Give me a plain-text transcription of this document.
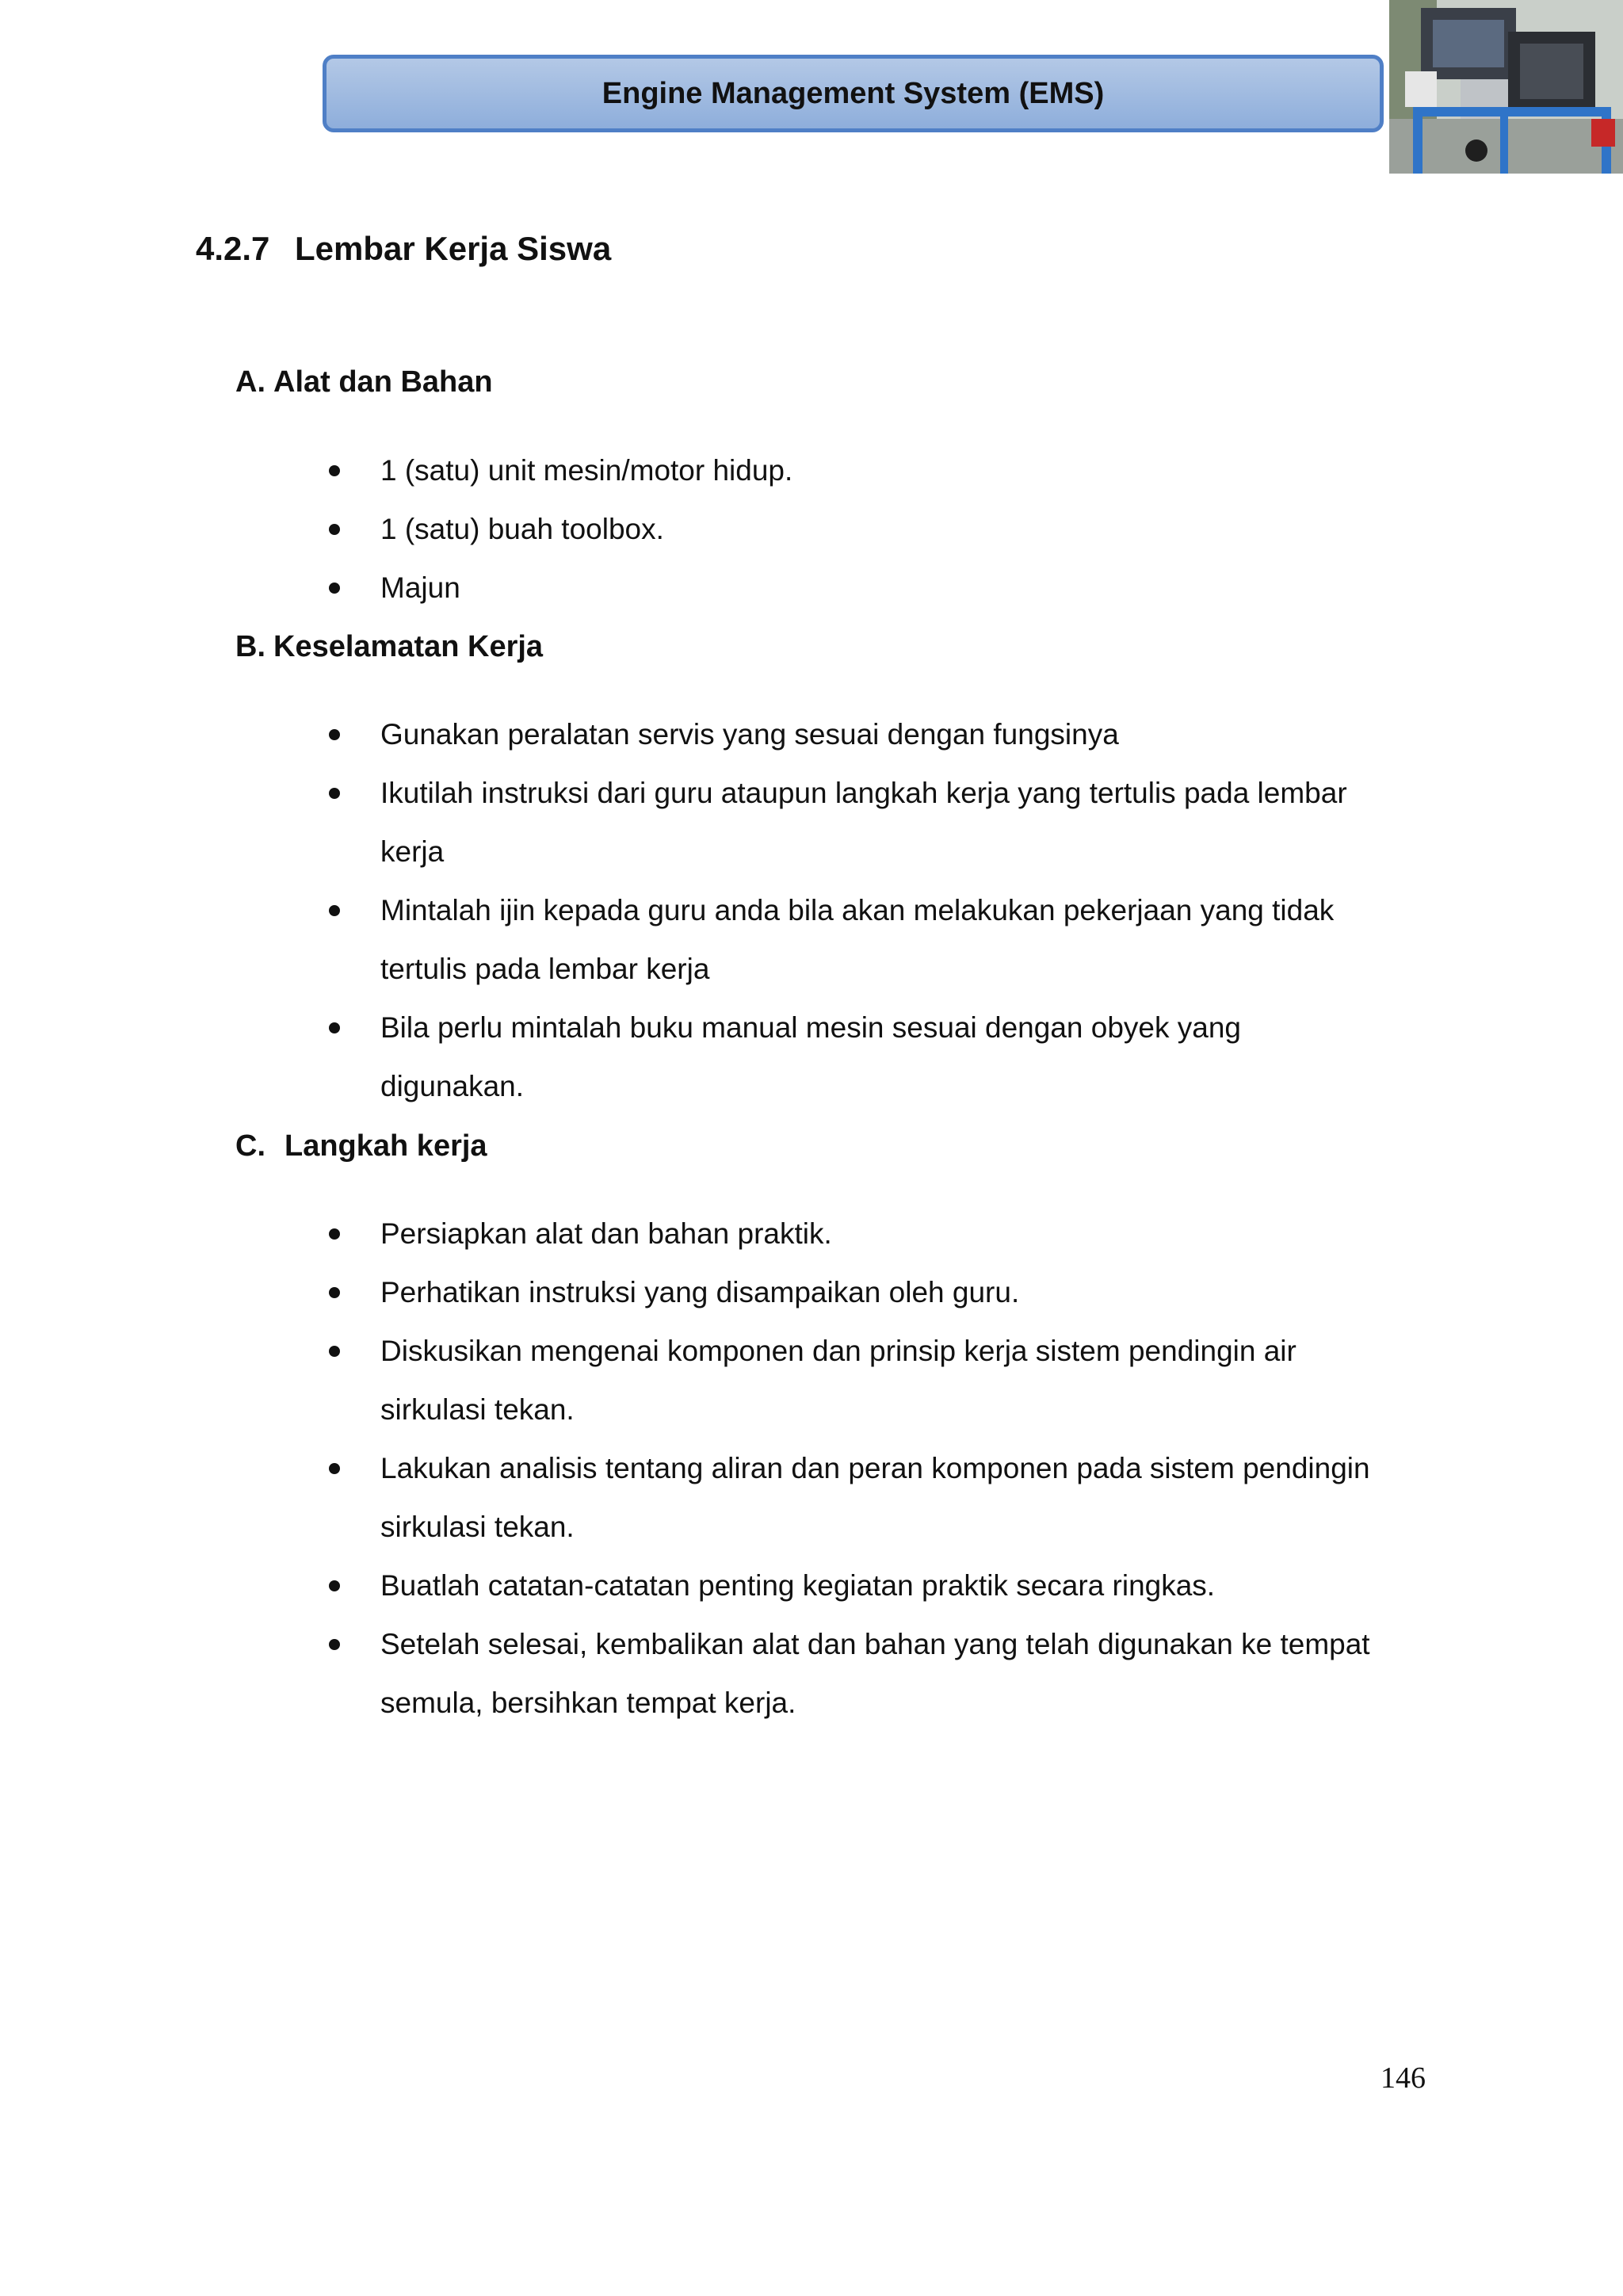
Engine Management System (EMS)
4.2.7 Lembar Kerja Siswa
A. Alat dan Bahan
1 (satu) unit mesin/motor hidup.
1 (satu) buah toolbox.
Majun
B. Keselamatan Kerja
Gunakan peralatan servis yang sesuai dengan fungsinya
Ikutilah instruksi dari guru ataupun langkah kerja yang tertulis pada lembar kerja
Mintalah ijin kepada guru anda bila akan melakukan pekerjaan yang tidak tertulis pada lembar kerja
Bila perlu mintalah buku manual mesin sesuai dengan obyek yang digunakan.
C. Langkah kerja
Persiapkan alat dan bahan praktik.
Perhatikan instruksi yang disampaikan oleh guru.
Diskusikan mengenai komponen dan prinsip kerja sistem pendingin air sirkulasi tekan.
Lakukan analisis tentang aliran dan peran komponen pada sistem pendingin sirkulasi tekan.
Buatlah catatan-catatan penting kegiatan praktik secara ringkas.
Setelah selesai, kembalikan alat dan bahan yang telah digunakan ke tempat semula, bersihkan tempat kerja.
146
